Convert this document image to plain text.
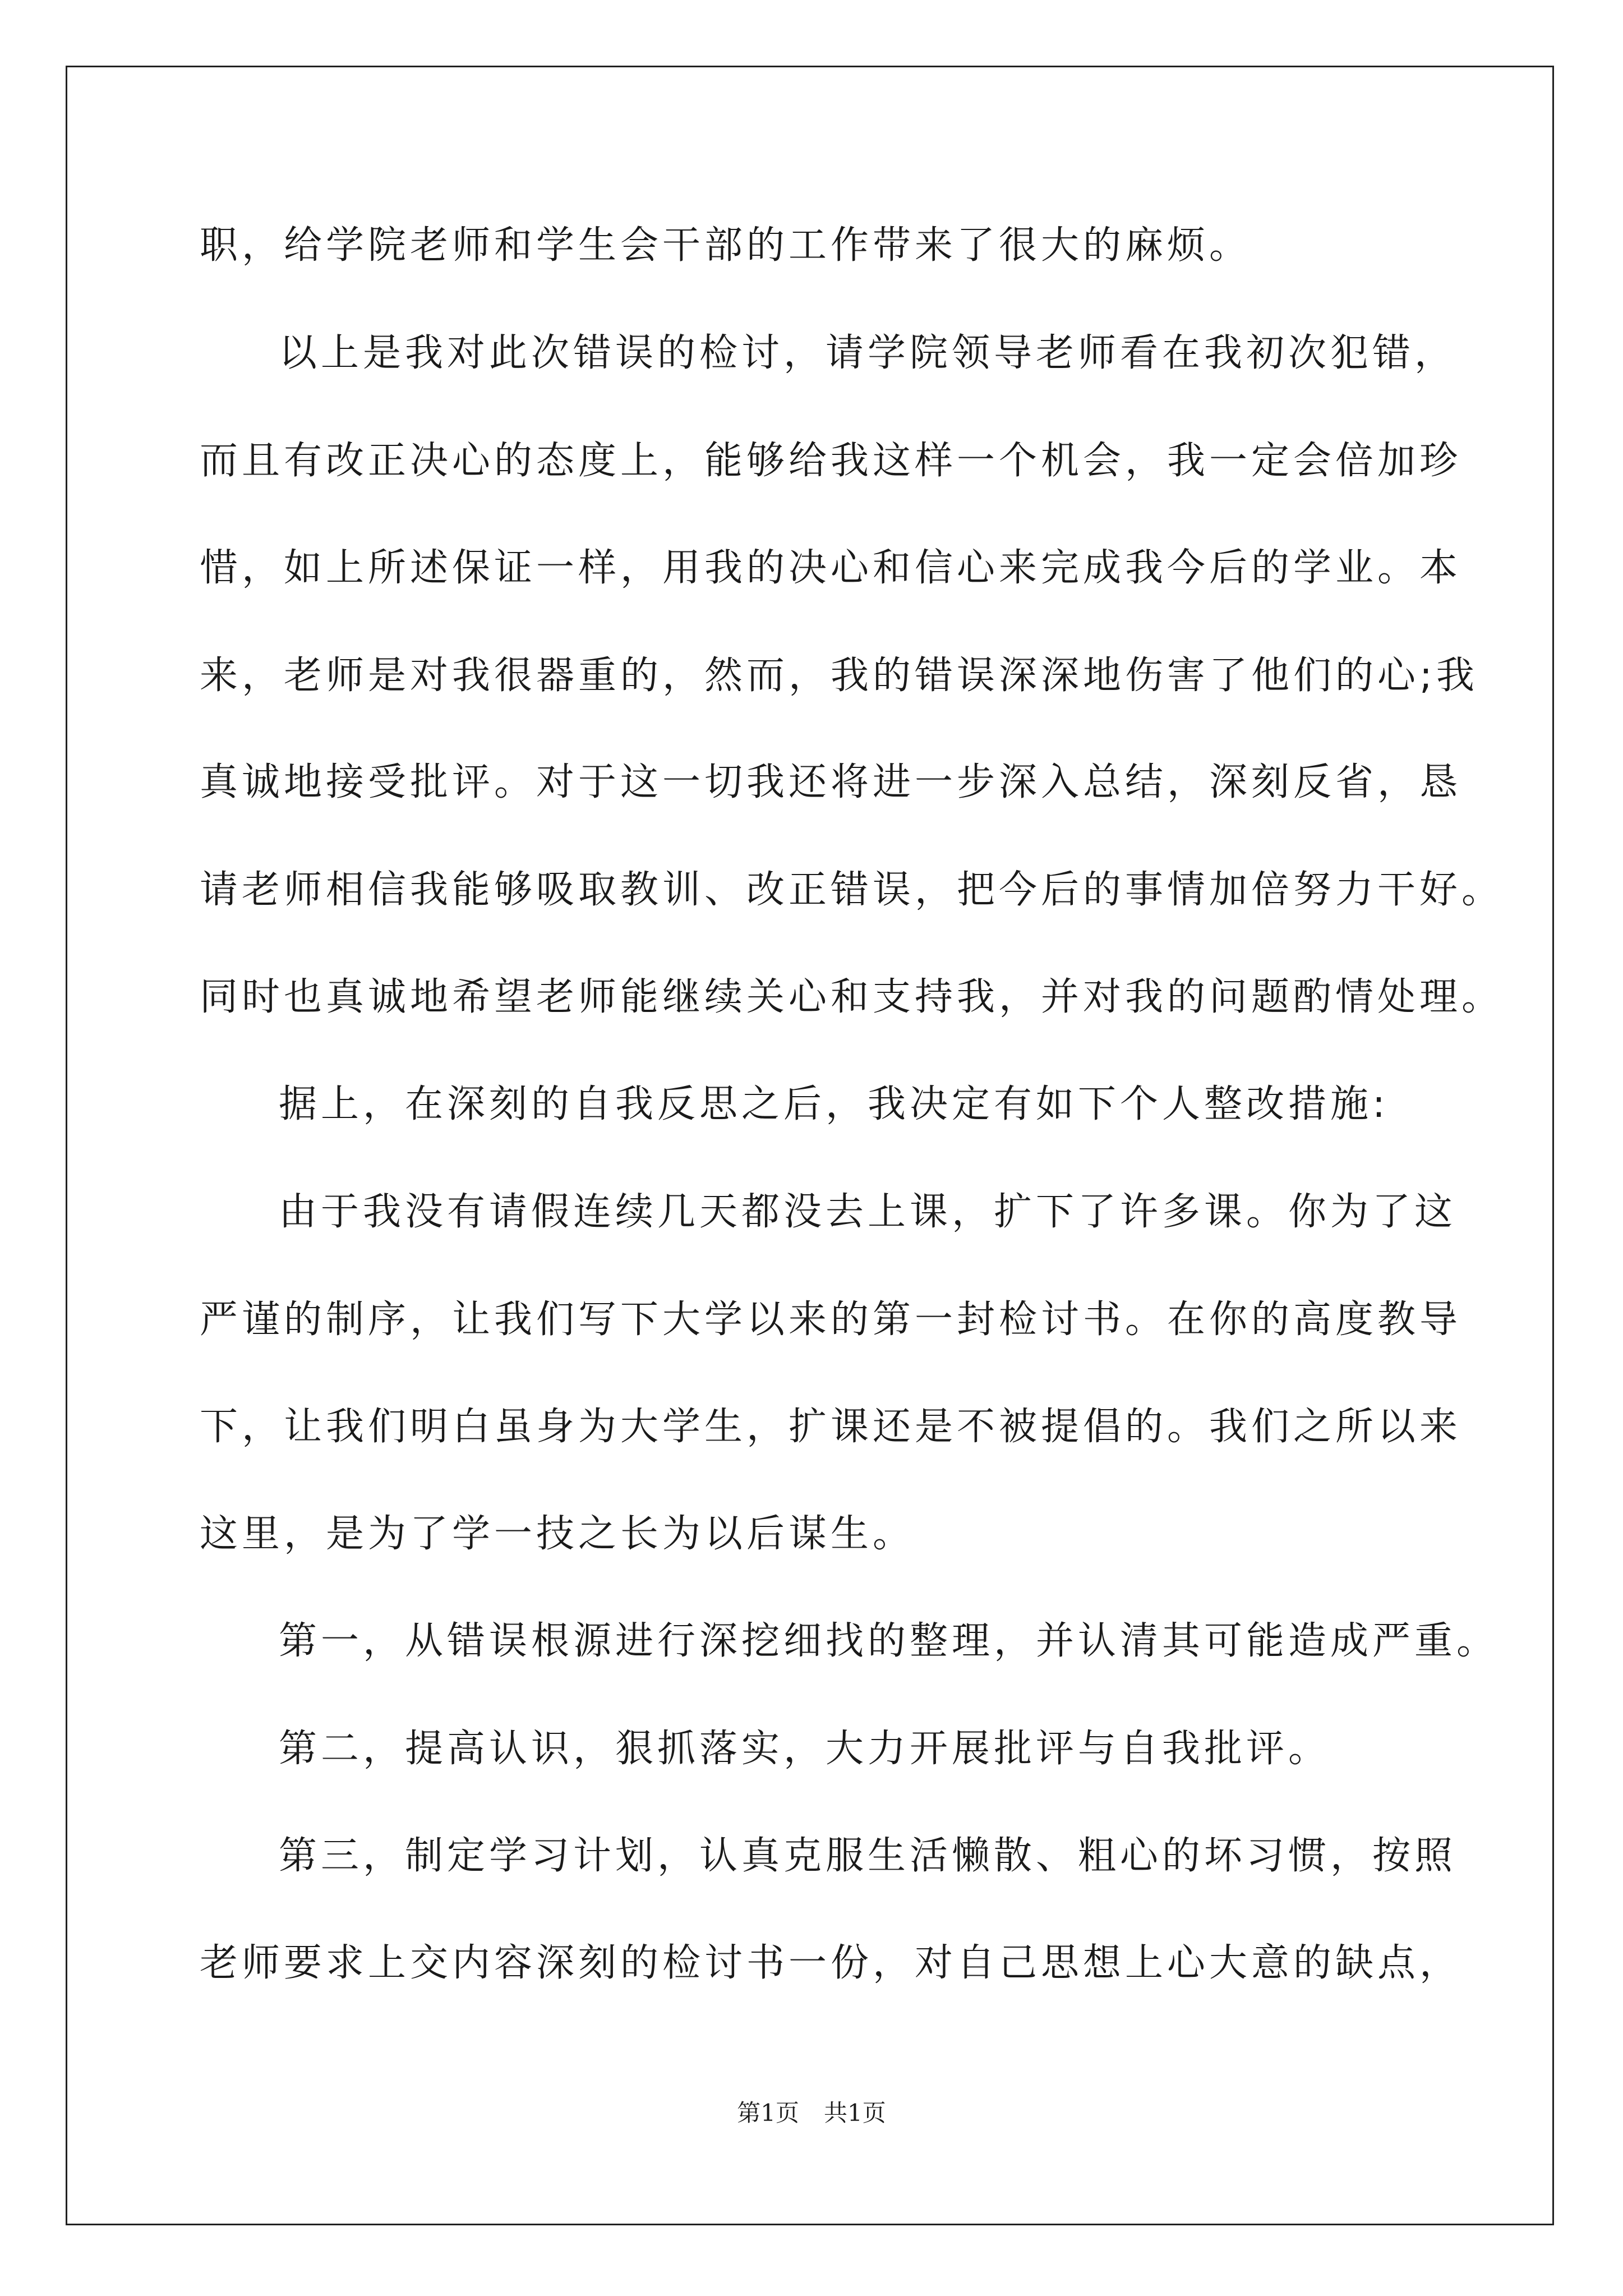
职，给学院老师和学生会干部的工作带来了很大的麻烦。
以上是我对此次错误的检讨，请学院领导老师看在我初次犯错，
而且有改正决心的态度上，能够给我这样一个机会，我一定会倍加珍
惜，如上所述保证一样，用我的决心和信心来完成我今后的学业。本
来，老师是对我很器重的，然而，我的错误深深地伤害了他们的心;我
真诚地接受批评。对于这一切我还将进一步深入总结，深刻反省，恳
请老师相信我能够吸取教训、改正错误，把今后的事情加倍努力干好。
同时也真诚地希望老师能继续关心和支持我，并对我的问题酌情处理。
据上，在深刻的自我反思之后，我决定有如下个人整改措施:
由于我没有请假连续几天都没去上课，扩下了许多课。你为了这
严谨的制序，让我们写下大学以来的第一封检讨书。在你的高度教导
下，让我们明白虽身为大学生，扩课还是不被提倡的。我们之所以来
这里，是为了学一技之长为以后谋生。
第一，从错误根源进行深挖细找的整理，并认清其可能造成严重。
第二，提高认识，狠抓落实，大力开展批评与自我批评。
第三，制定学习计划，认真克服生活懒散、粗心的坏习惯，按照
老师要求上交内容深刻的检讨书一份，对自己思想上心大意的缺点，
第1页 共1页
